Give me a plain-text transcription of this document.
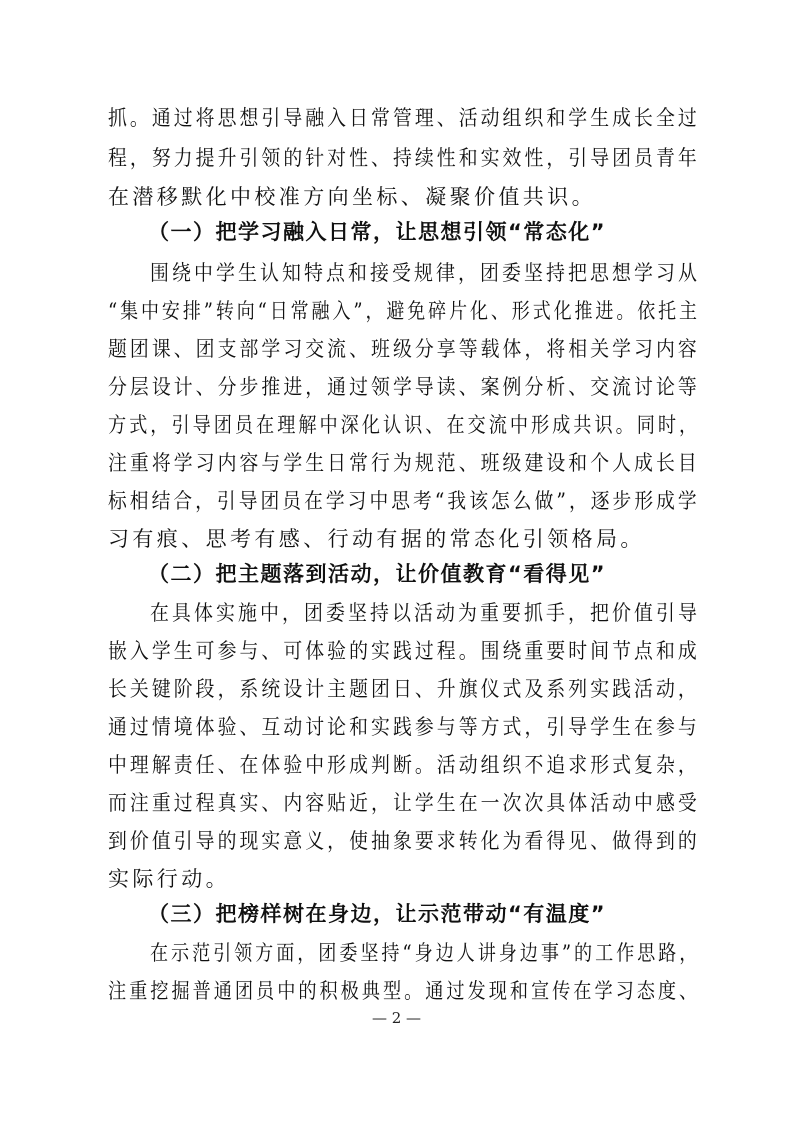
抓。通过将思想引导融入日常管理、活动组织和学生成长全过

程，努力提升引领的针对性、持续性和实效性，引导团员青年

在潜移默化中校准方向坐标、凝聚价值共识。

（一）把学习融入日常，让思想引领“常态化”

围绕中学生认知特点和接受规律，团委坚持把思想学习从

“集中安排”转向“日常融入”，避免碎片化、形式化推进。依托主

题团课、团支部学习交流、班级分享等载体，将相关学习内容

分层设计、分步推进，通过领学导读、案例分析、交流讨论等

方式，引导团员在理解中深化认识、在交流中形成共识。同时，

注重将学习内容与学生日常行为规范、班级建设和个人成长目

标相结合，引导团员在学习中思考“我该怎么做”，逐步形成学

习有痕、思考有感、行动有据的常态化引领格局。

（二）把主题落到活动，让价值教育“看得见”

在具体实施中，团委坚持以活动为重要抓手，把价值引导

嵌入学生可参与、可体验的实践过程。围绕重要时间节点和成

长关键阶段，系统设计主题团日、升旗仪式及系列实践活动，

通过情境体验、互动讨论和实践参与等方式，引导学生在参与

中理解责任、在体验中形成判断。活动组织不追求形式复杂，

而注重过程真实、内容贴近，让学生在一次次具体活动中感受

到价值引导的现实意义，使抽象要求转化为看得见、做得到的

实际行动。

（三）把榜样树在身边，让示范带动“有温度”

在示范引领方面，团委坚持“身边人讲身边事”的工作思路，

注重挖掘普通团员中的积极典型。通过发现和宣传在学习态度、

— 2 —
